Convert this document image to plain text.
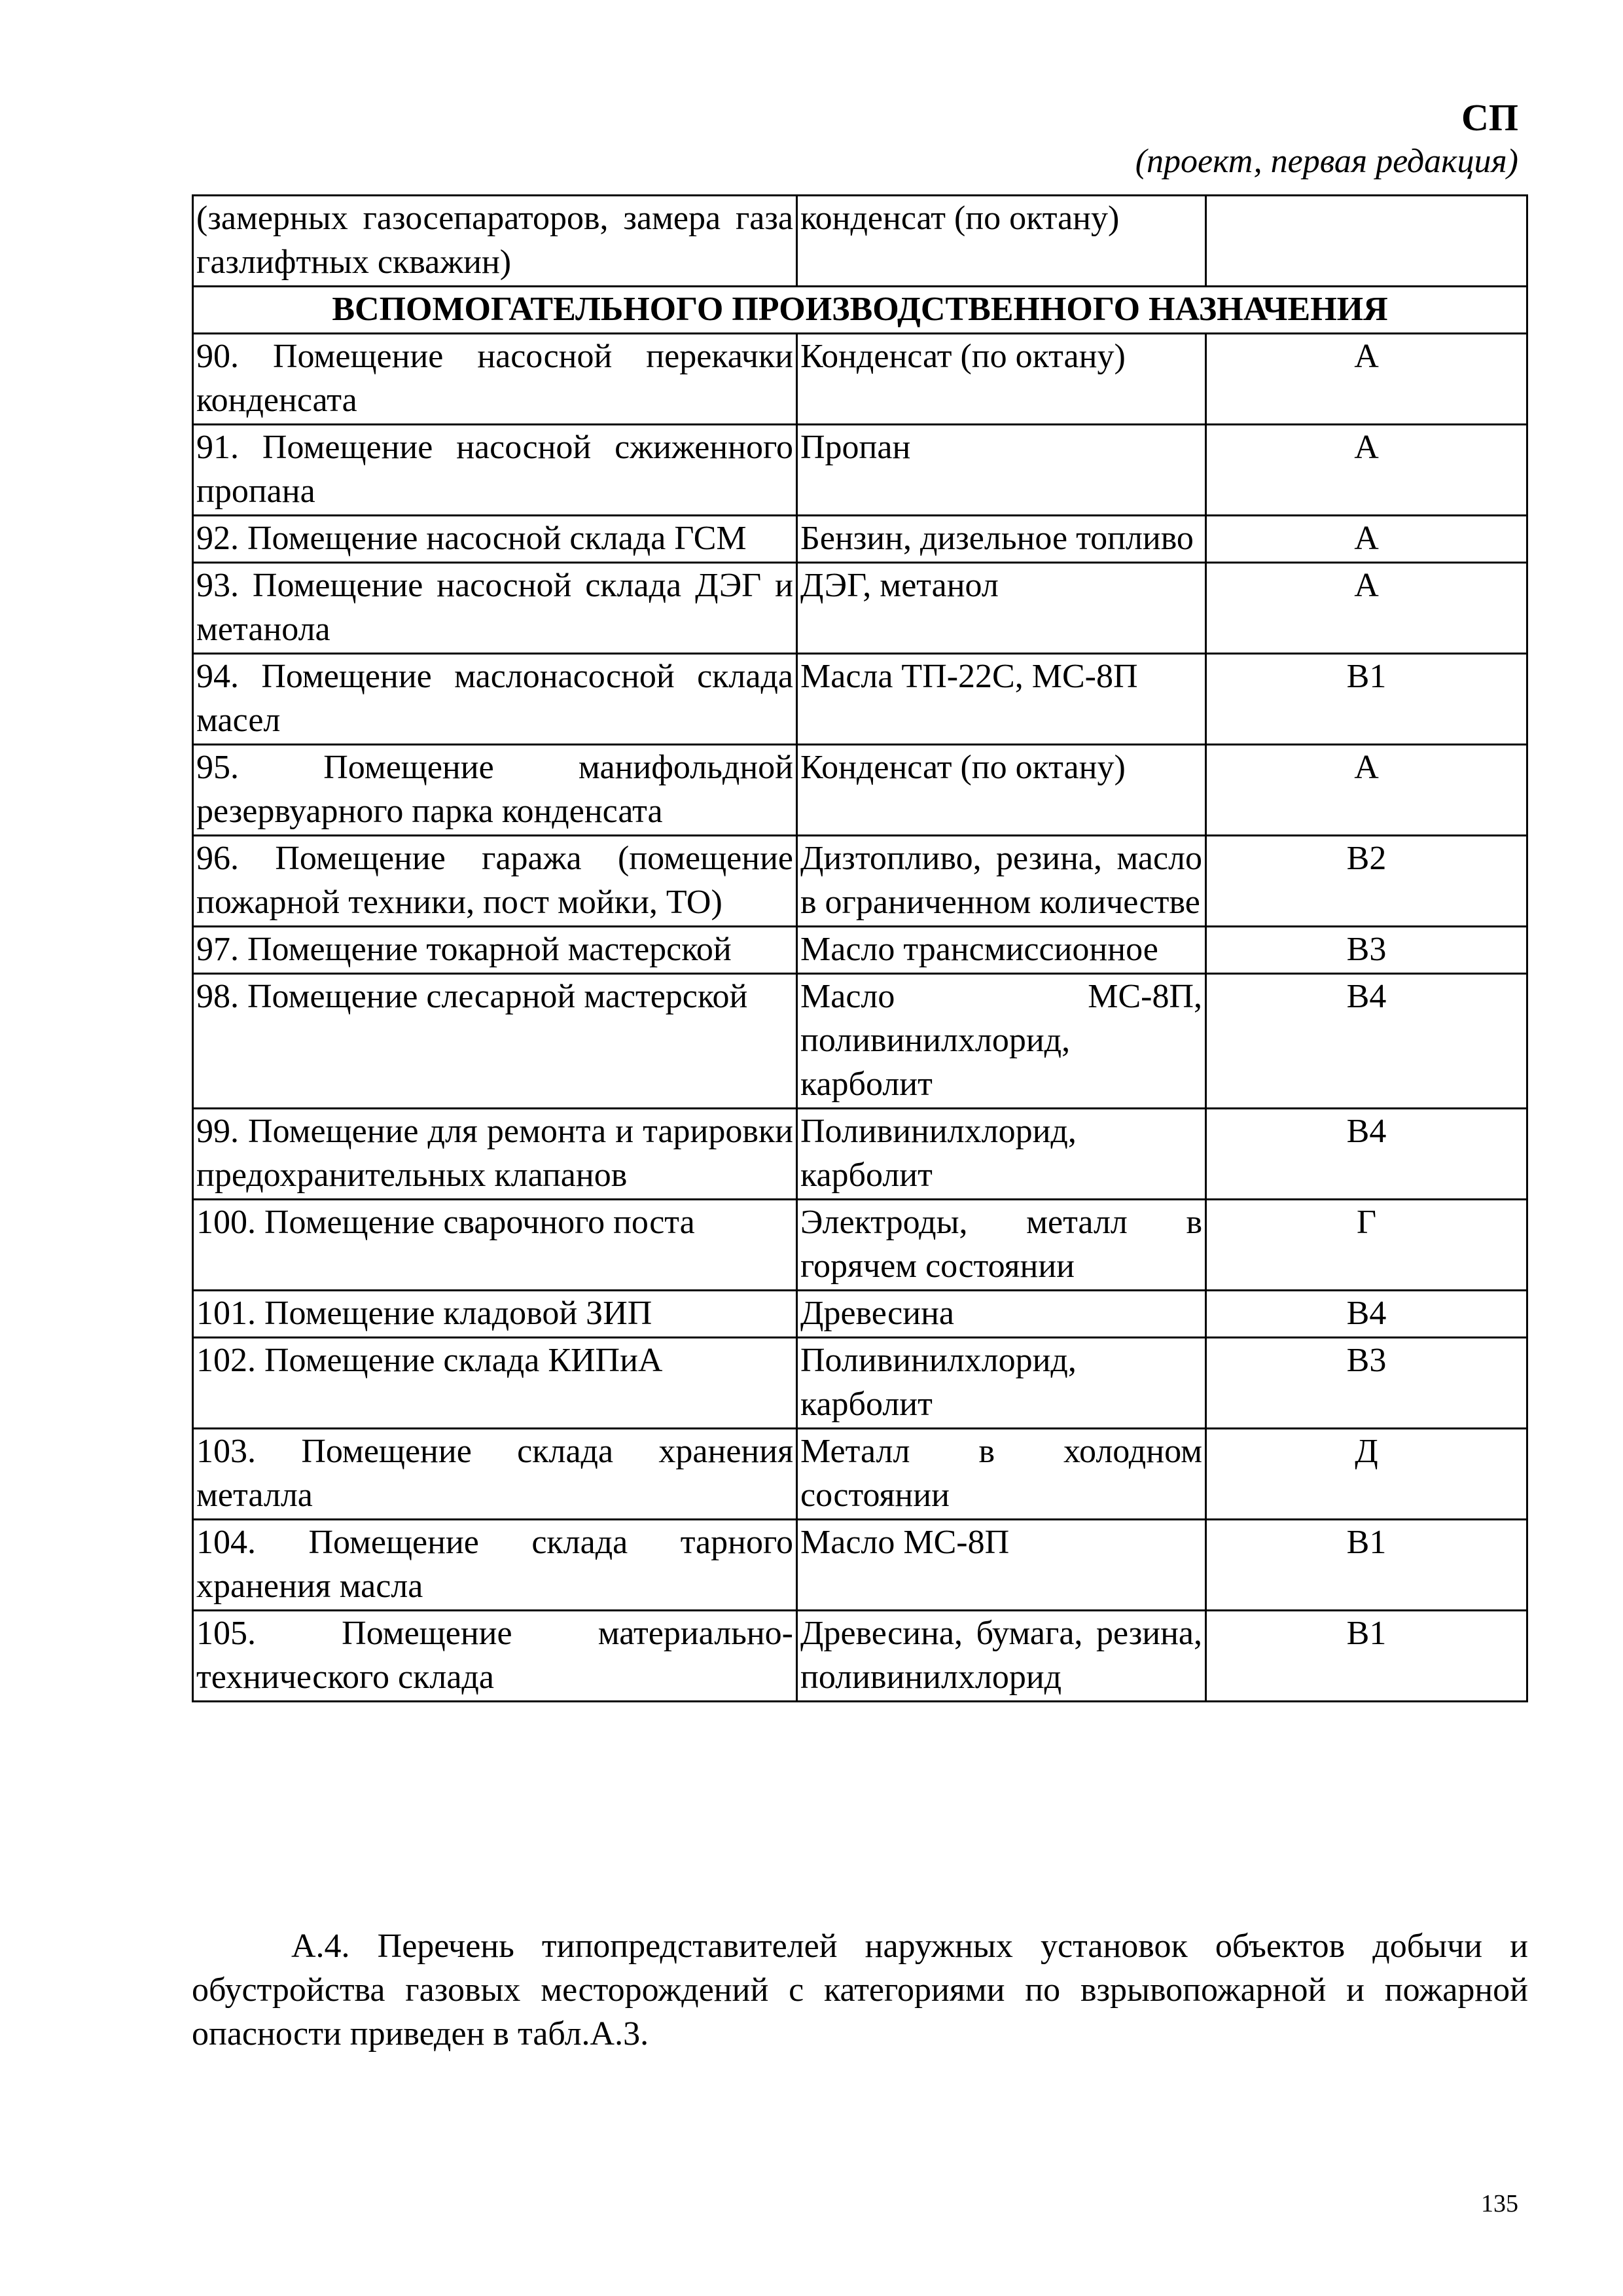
СП
(проект, первая редакция)
(замерных газосепараторов, замера газа газлифтных скважин)	конденсат (по октану)	
ВСПОМОГАТЕЛЬНОГО ПРОИЗВОДСТВЕННОГО НАЗНАЧЕНИЯ		
90. Помещение насосной перекачки конденсата	Конденсат (по октану)	А
91. Помещение насосной сжиженного пропана	Пропан	А
92. Помещение насосной склада ГСМ	Бензин, дизельное топливо	А
93. Помещение насосной склада ДЭГ и метанола	ДЭГ, метанол	А
94. Помещение маслонасосной склада масел	Масла ТП-22С, МС-8П	В1
95. Помещение манифольдной резервуарного парка конденсата	Конденсат (по октану)	А
96. Помещение гаража (помещение пожарной техники, пост мойки, ТО)	Дизтопливо, резина, масло в ограниченном количестве	В2
97. Помещение токарной мастерской	Масло трансмиссионное	В3
98. Помещение слесарной мастерской	Масло МС-8П, поливинилхлорид, карболит	В4
99. Помещение для ремонта и тарировки предохранительных клапанов	Поливинилхлорид, карболит	В4
100. Помещение сварочного поста	Электроды, металл в горячем состоянии	Г
101. Помещение кладовой ЗИП	Древесина	В4
102. Помещение склада КИПиА	Поливинилхлорид, карболит	В3
103. Помещение склада хранения металла	Металл в холодном состоянии	Д
104. Помещение склада тарного хранения масла	Масло МС-8П	В1
105. Помещение материально-технического склада	Древесина, бумага, резина, поливинилхлорид	В1
А.4. Перечень типопредставителей наружных установок объектов добычи и обустройства газовых месторождений с категориями по взрывопожарной и пожарной опасности приведен в табл.А.3.
135
